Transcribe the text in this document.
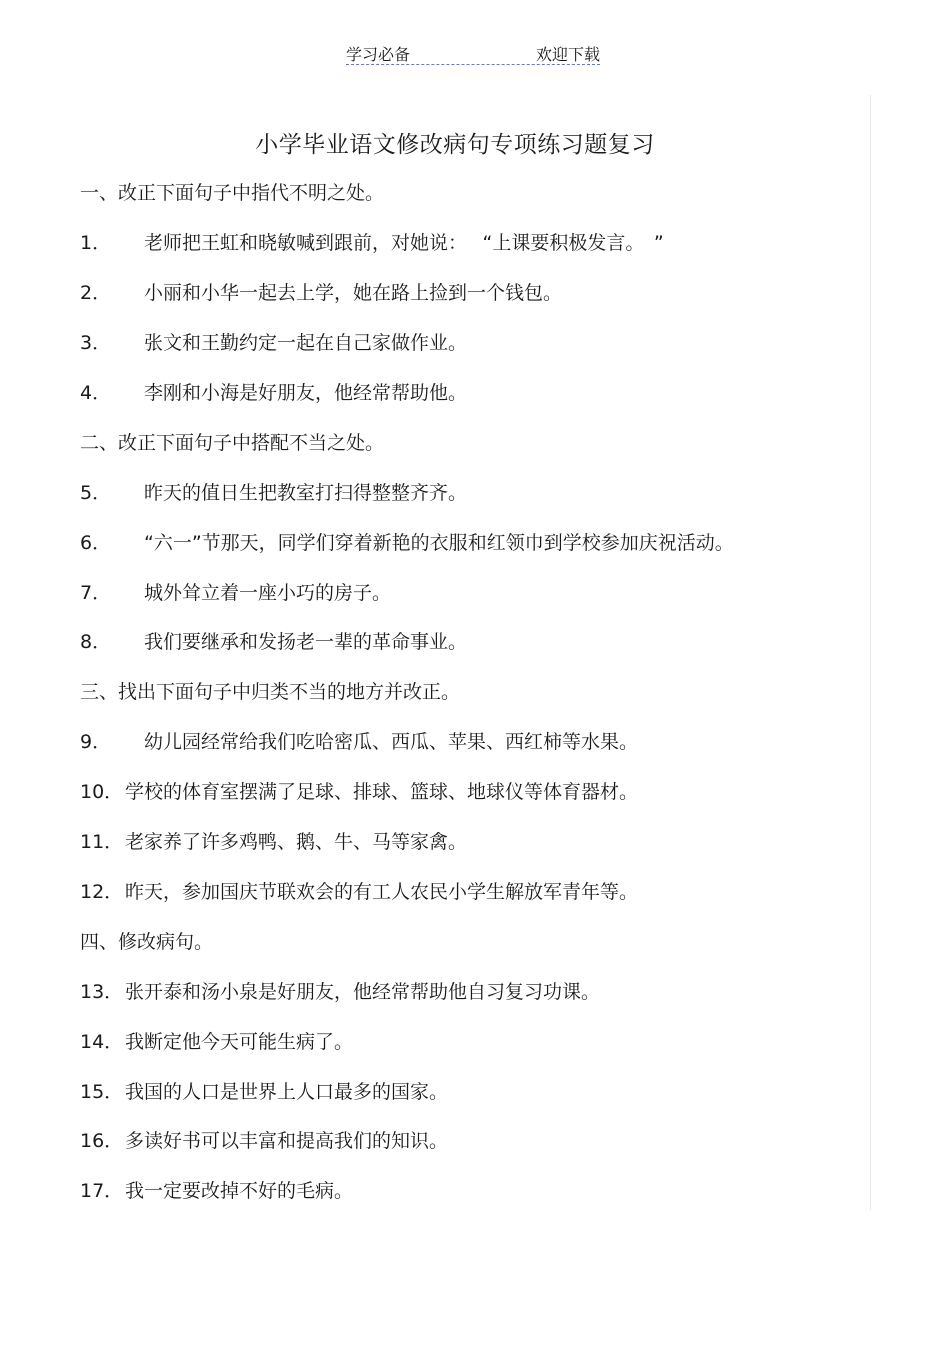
学习必备	欢迎下载
小学毕业语文修改病句专项练习题复习
一、改正下面句子中指代不明之处。
1． 老师把王虹和晓敏喊到跟前，对她说：　 “上课要积极发言。　”
2． 小丽和小华一起去上学，她在路上捡到一个钱包。
3． 张文和王勤约定一起在自己家做作业。
4． 李刚和小海是好朋友，他经常帮助他。
二、改正下面句子中搭配不当之处。
5． 昨天的值日生把教室打扫得整整齐齐。
6． “六一”节那天，同学们穿着新艳的衣服和红领巾到学校参加庆祝活动。
7． 城外耸立着一座小巧的房子。
8． 我们要继承和发扬老一辈的革命事业。
三、找出下面句子中归类不当的地方并改正。
9． 幼儿园经常给我们吃哈密瓜、西瓜、苹果、西红柿等水果。
10．学校的体育室摆满了足球、排球、篮球、地球仪等体育器材。
11．老家养了许多鸡鸭、鹅、牛、马等家禽。
12．昨天，参加国庆节联欢会的有工人农民小学生解放军青年等。
四、修改病句。
13．张开泰和汤小泉是好朋友，他经常帮助他自习复习功课。
14．我断定他今天可能生病了。
15．我国的人口是世界上人口最多的国家。
16．多读好书可以丰富和提高我们的知识。
17．我一定要改掉不好的毛病。
